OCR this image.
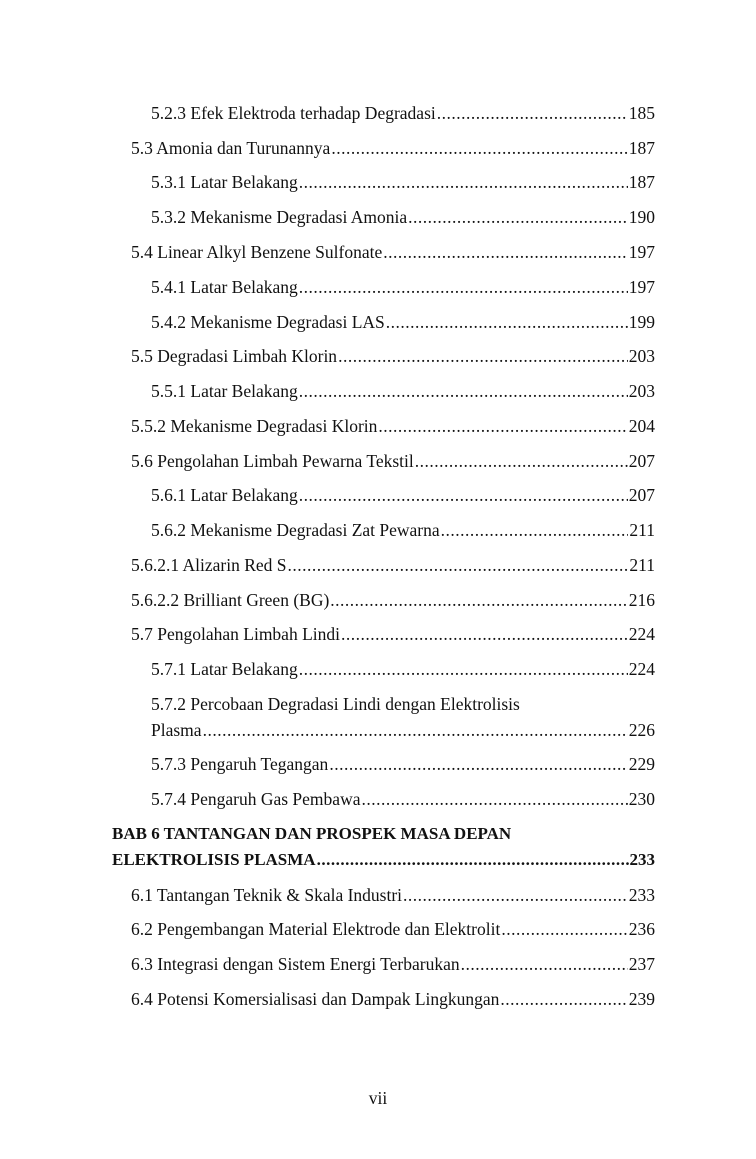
5.2.3 Efek Elektroda terhadap Degradasi .....	185
5.3 Amonia dan Turunannya .....	187
5.3.1 Latar Belakang .....	187
5.3.2 Mekanisme Degradasi Amonia .....	190
5.4 Linear Alkyl Benzene Sulfonate .....	197
5.4.1 Latar Belakang .....	197
5.4.2 Mekanisme Degradasi LAS .....	199
5.5 Degradasi Limbah Klorin .....	203
5.5.1 Latar Belakang .....	203
5.5.2 Mekanisme Degradasi Klorin .....	204
5.6 Pengolahan Limbah Pewarna Tekstil .....	207
5.6.1 Latar Belakang .....	207
5.6.2 Mekanisme Degradasi Zat Pewarna .....	211
5.6.2.1 Alizarin Red S .....	211
5.6.2.2 Brilliant Green (BG) .....	216
5.7 Pengolahan Limbah Lindi .....	224
5.7.1 Latar Belakang .....	224
5.7.2 Percobaan Degradasi Lindi dengan Elektrolisis
Plasma .....	226
5.7.3 Pengaruh Tegangan .....	229
5.7.4 Pengaruh Gas Pembawa .....	230
BAB 6 TANTANGAN DAN PROSPEK MASA DEPAN
ELEKTROLISIS PLASMA .....	233
6.1 Tantangan Teknik & Skala Industri .....	233
6.2 Pengembangan Material Elektrode dan Elektrolit .....	236
6.3 Integrasi dengan Sistem Energi Terbarukan .....	237
6.4 Potensi Komersialisasi dan Dampak Lingkungan .....	239
vii
